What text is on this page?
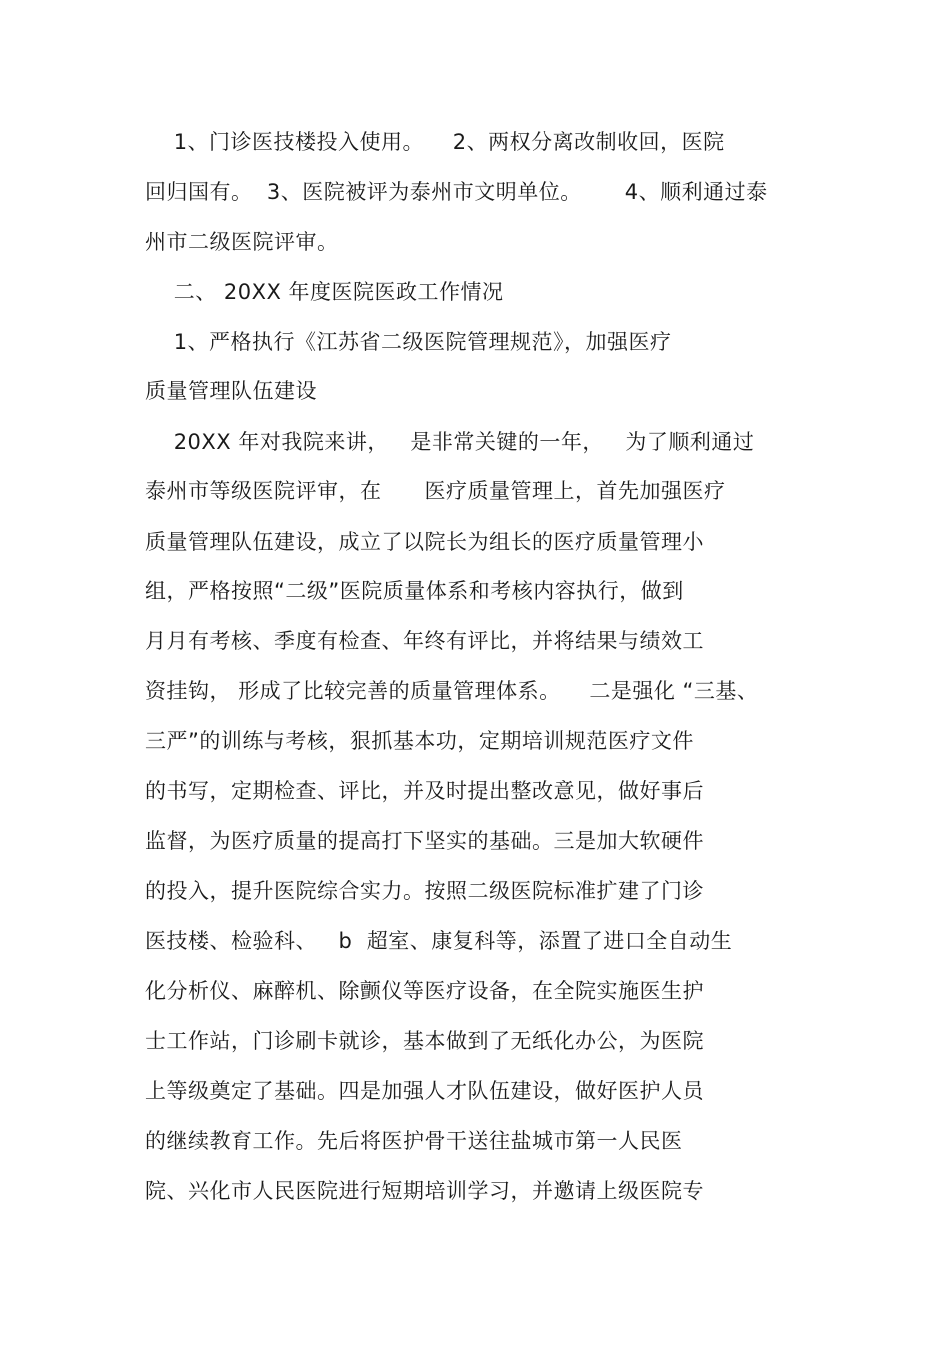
1、门诊医技楼投入使用。    2、两权分离改制收回，医院
回归国有。  3、医院被评为泰州市文明单位。      4、顺利通过泰
州市二级医院评审。
二、 20XX 年度医院医政工作情况
1、严格执行《江苏省二级医院管理规范》，加强医疗
质量管理队伍建设
20XX 年对我院来讲，   是非常关键的一年，   为了顺利通过
泰州市等级医院评审，在      医疗质量管理上，首先加强医疗
质量管理队伍建设，成立了以院长为组长的医疗质量管理小
组，严格按照“二级”医院质量体系和考核内容执行，做到
月月有考核、季度有检查、年终有评比，并将结果与绩效工
资挂钩， 形成了比较完善的质量管理体系。    二是强化 “三基、
三严”的训练与考核，狠抓基本功，定期培训规范医疗文件
的书写，定期检查、评比，并及时提出整改意见，做好事后
监督，为医疗质量的提高打下坚实的基础。三是加大软硬件
的投入，提升医院综合实力。按照二级医院标准扩建了门诊
医技楼、检验科、   b  超室、康复科等，添置了进口全自动生
化分析仪、麻醉机、除颤仪等医疗设备，在全院实施医生护
士工作站，门诊刷卡就诊，基本做到了无纸化办公，为医院
上等级奠定了基础。四是加强人才队伍建设，做好医护人员
的继续教育工作。先后将医护骨干送往盐城市第一人民医
院、兴化市人民医院进行短期培训学习，并邀请上级医院专
